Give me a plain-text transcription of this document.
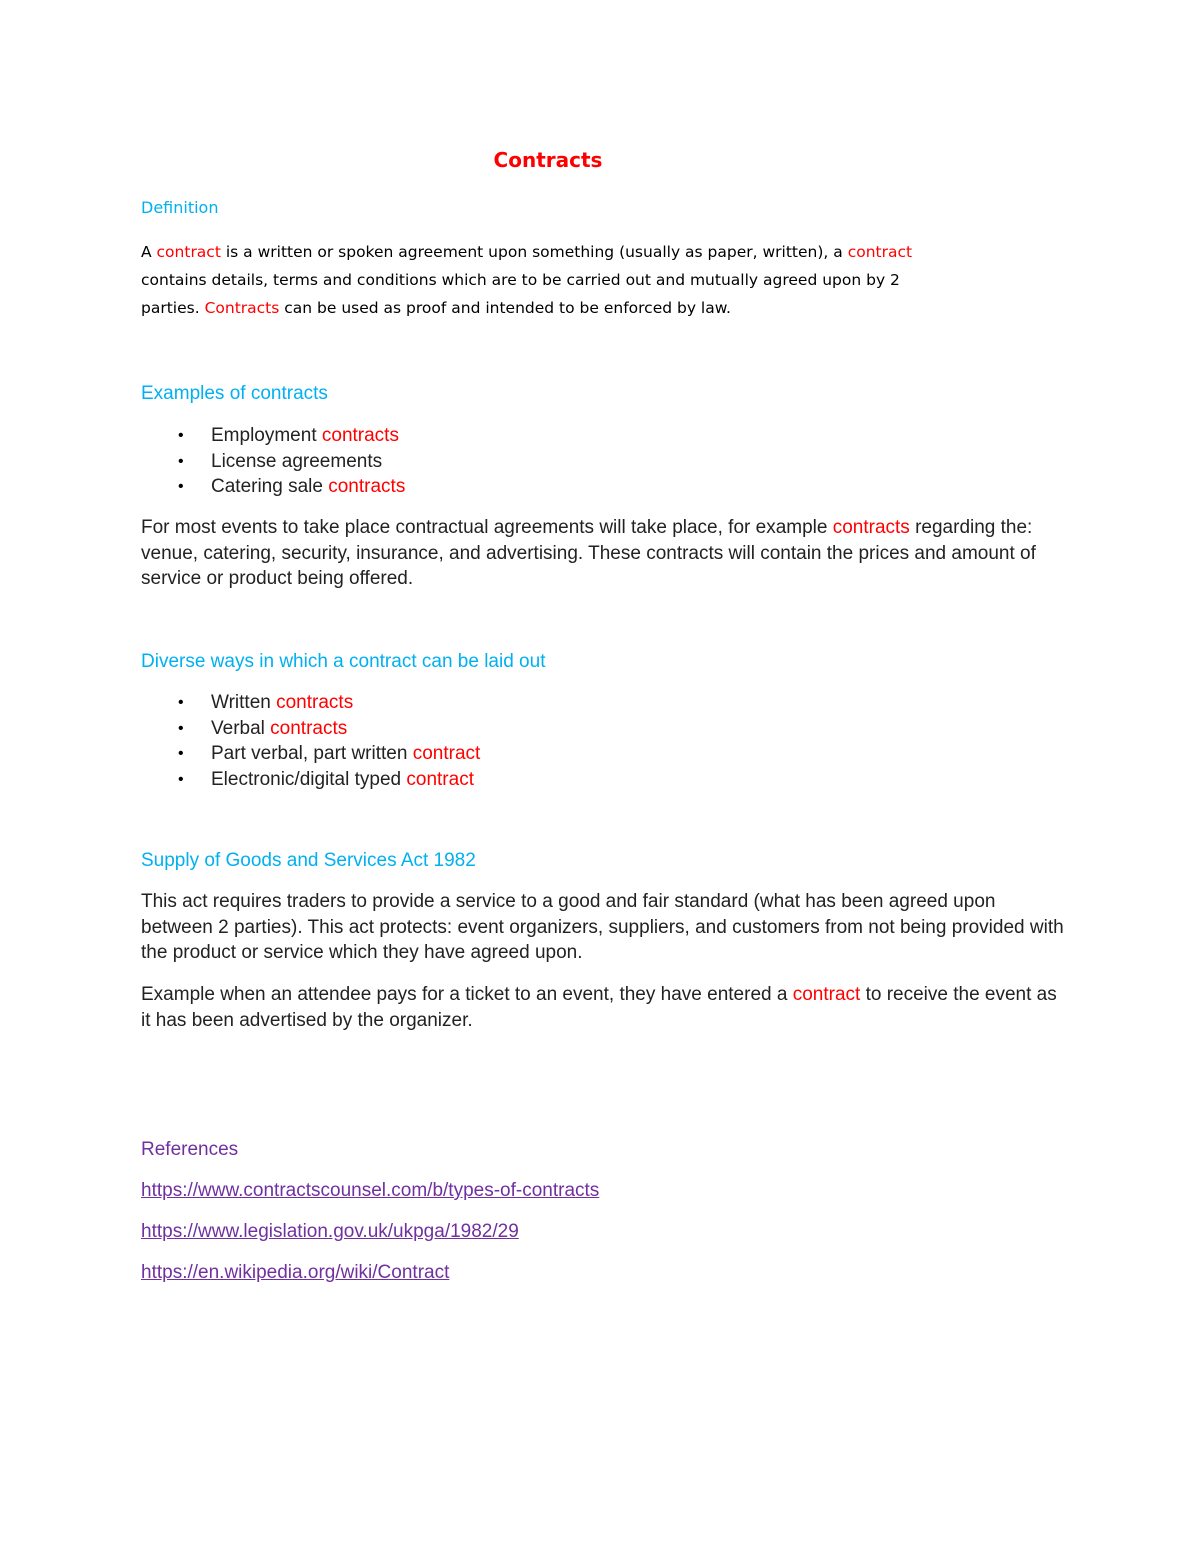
Contracts
Definition
A contract is a written or spoken agreement upon something (usually as paper, written), a contract
contains details, terms and conditions which are to be carried out and mutually agreed upon by 2
parties. Contracts can be used as proof and intended to be enforced by law.
Examples of contracts
• Employment contracts
• License agreements
• Catering sale contracts
For most events to take place contractual agreements will take place, for example contracts regarding the: venue, catering, security, insurance, and advertising. These contracts will contain the prices and amount of service or product being offered.
Diverse ways in which a contract can be laid out
• Written contracts
• Verbal contracts
• Part verbal, part written contract
• Electronic/digital typed contract
Supply of Goods and Services Act 1982
This act requires traders to provide a service to a good and fair standard (what has been agreed upon between 2 parties). This act protects: event organizers, suppliers, and customers from not being provided with the product or service which they have agreed upon.
Example when an attendee pays for a ticket to an event, they have entered a contract to receive the event as it has been advertised by the organizer.
References
https://www.contractscounsel.com/b/types-of-contracts
https://www.legislation.gov.uk/ukpga/1982/29
https://en.wikipedia.org/wiki/Contract
